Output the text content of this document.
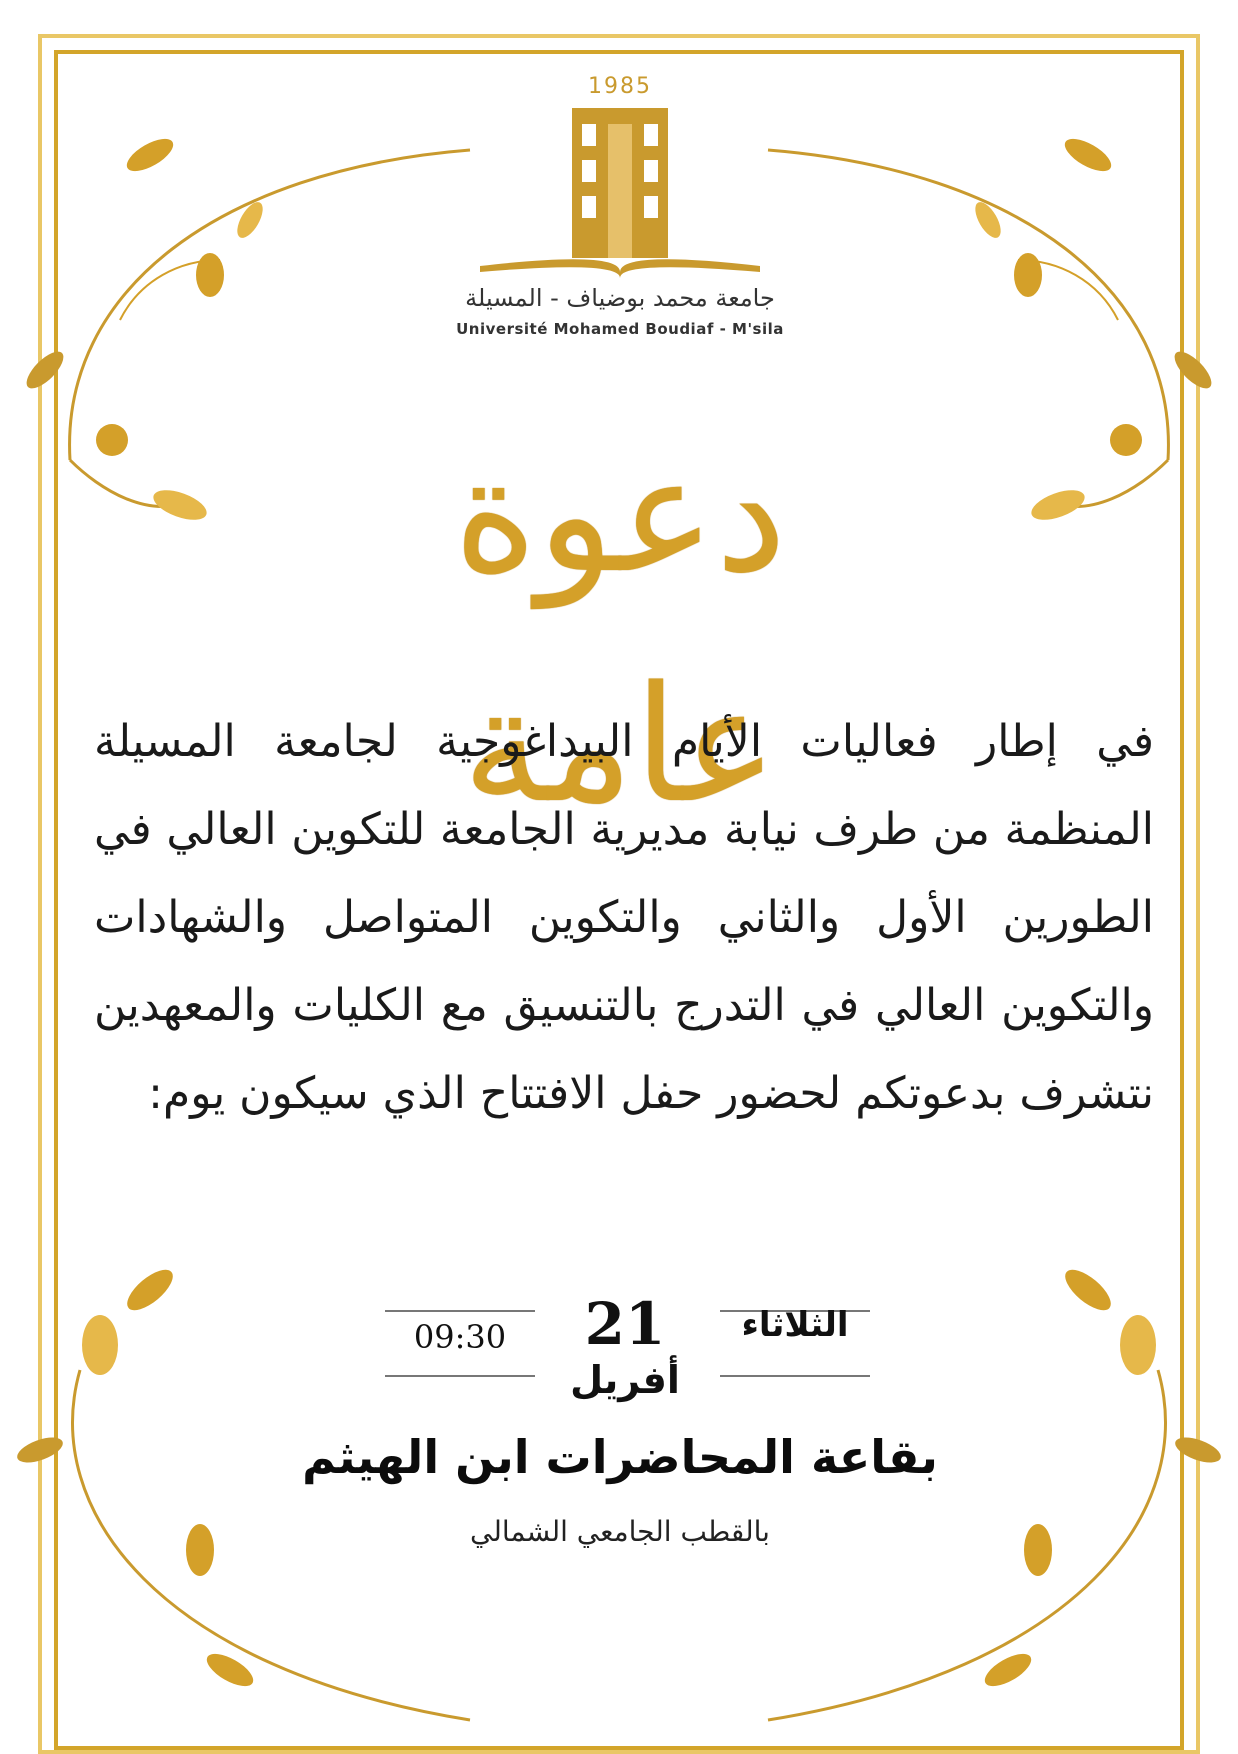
1985
جامعة محمد بوضياف - المسيلة
Université Mohamed Boudiaf - M'sila
دعوة عامة
في إطار فعاليات الأيام البيداغوجية لجامعة المسيلة المنظمة من طرف نيابة مديرية الجامعة للتكوين العالي في الطورين الأول والثاني والتكوين المتواصل والشهادات والتكوين العالي في التدرج بالتنسيق مع الكليات والمعهدين نتشرف بدعوتكم لحضور حفل الافتتاح الذي سيكون يوم:
الثلاثاء
21
أفريل
09:30
بقاعة المحاضرات ابن الهيثم
بالقطب الجامعي الشمالي
